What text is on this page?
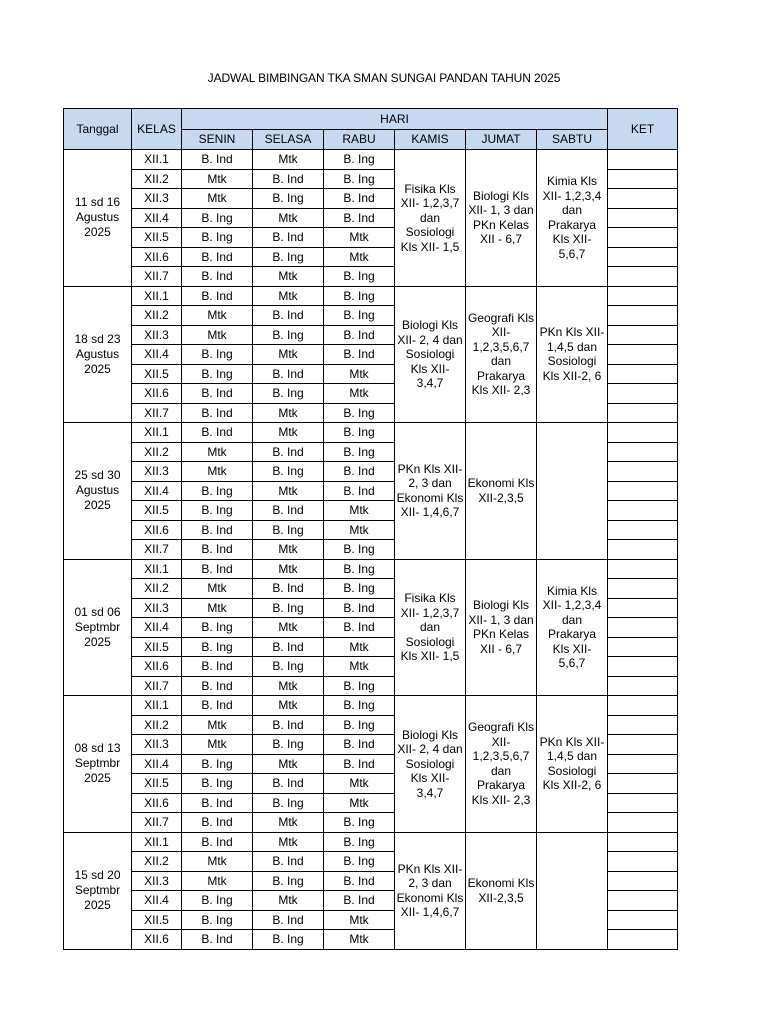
JADWAL BIMBINGAN TKA SMAN SUNGAI PANDAN TAHUN 2025
Tanggal	KELAS	HARI						KET
		SENIN	SELASA	RABU	KAMIS	JUMAT	SABTU	
11 sd 16 Agustus 2025	XII.1	B. Ind	Mtk	B. Ing	Fisika Kls XII- 1,2,3,7 dan Sosiologi Kls XII- 1,5	Biologi Kls XII- 1, 3 dan PKn Kelas XII - 6,7	Kimia Kls XII- 1,2,3,4 dan Prakarya Kls XII- 5,6,7	
	XII.2	Mtk	B. Ind	B. Ing				
	XII.3	Mtk	B. Ing	B. Ind				
	XII.4	B. Ing	Mtk	B. Ind				
	XII.5	B. Ing	B. Ind	Mtk				
	XII.6	B. Ind	B. Ing	Mtk				
	XII.7	B. Ind	Mtk	B. Ing				
18 sd 23 Agustus 2025	XII.1	B. Ind	Mtk	B. Ing	Biologi Kls XII- 2, 4 dan Sosiologi Kls XII- 3,4,7	Geografi Kls XII- 1,2,3,5,6,7 dan Prakarya Kls XII- 2,3	PKn Kls XII- 1,4,5 dan Sosiologi Kls XII-2, 6	
	XII.2	Mtk	B. Ind	B. Ing				
	XII.3	Mtk	B. Ing	B. Ind				
	XII.4	B. Ing	Mtk	B. Ind				
	XII.5	B. Ing	B. Ind	Mtk				
	XII.6	B. Ind	B. Ing	Mtk				
	XII.7	B. Ind	Mtk	B. Ing				
25 sd 30 Agustus 2025	XII.1	B. Ind	Mtk	B. Ing	PKn Kls XII- 2, 3 dan Ekonomi Kls XII- 1,4,6,7	Ekonomi Kls XII-2,3,5		
	XII.2	Mtk	B. Ind	B. Ing				
	XII.3	Mtk	B. Ing	B. Ind				
	XII.4	B. Ing	Mtk	B. Ind				
	XII.5	B. Ing	B. Ind	Mtk				
	XII.6	B. Ind	B. Ing	Mtk				
	XII.7	B. Ind	Mtk	B. Ing				
01 sd 06 Septmbr 2025	XII.1	B. Ind	Mtk	B. Ing	Fisika Kls XII- 1,2,3,7 dan Sosiologi Kls XII- 1,5	Biologi Kls XII- 1, 3 dan PKn Kelas XII - 6,7	Kimia Kls XII- 1,2,3,4 dan Prakarya Kls XII- 5,6,7	
	XII.2	Mtk	B. Ind	B. Ing				
	XII.3	Mtk	B. Ing	B. Ind				
	XII.4	B. Ing	Mtk	B. Ind				
	XII.5	B. Ing	B. Ind	Mtk				
	XII.6	B. Ind	B. Ing	Mtk				
	XII.7	B. Ind	Mtk	B. Ing				
08 sd 13 Septmbr 2025	XII.1	B. Ind	Mtk	B. Ing	Biologi Kls XII- 2, 4 dan Sosiologi Kls XII- 3,4,7	Geografi Kls XII- 1,2,3,5,6,7 dan Prakarya Kls XII- 2,3	PKn Kls XII- 1,4,5 dan Sosiologi Kls XII-2, 6	
	XII.2	Mtk	B. Ind	B. Ing				
	XII.3	Mtk	B. Ing	B. Ind				
	XII.4	B. Ing	Mtk	B. Ind				
	XII.5	B. Ing	B. Ind	Mtk				
	XII.6	B. Ind	B. Ing	Mtk				
	XII.7	B. Ind	Mtk	B. Ing				
15 sd 20 Septmbr 2025	XII.1	B. Ind	Mtk	B. Ing	PKn Kls XII- 2, 3 dan Ekonomi Kls XII- 1,4,6,7	Ekonomi Kls XII-2,3,5		
	XII.2	Mtk	B. Ind	B. Ing				
	XII.3	Mtk	B. Ing	B. Ind				
	XII.4	B. Ing	Mtk	B. Ind				
	XII.5	B. Ing	B. Ind	Mtk				
	XII.6	B. Ind	B. Ing	Mtk				
